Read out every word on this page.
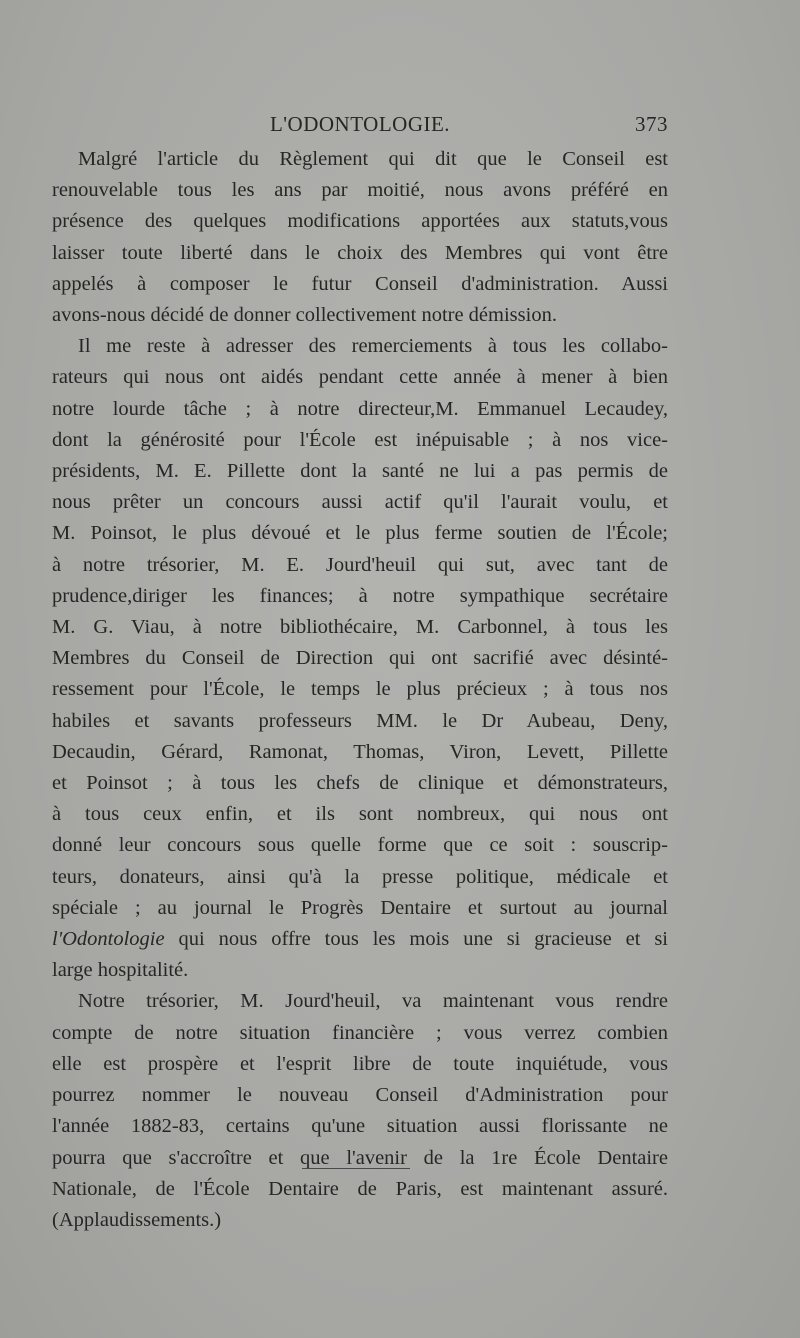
L'ODONTOLOGIE.	373

Malgré l'article du Règlement qui dit que le Conseil est
renouvelable tous les ans par moitié, nous avons préféré en
présence des quelques modifications apportées aux statuts,vous
laisser toute liberté dans le choix des Membres qui vont être
appelés à composer le futur Conseil d'administration. Aussi
avons-nous décidé de donner collectivement notre démission.

Il me reste à adresser des remerciements à tous les collabo-
rateurs qui nous ont aidés pendant cette année à mener à bien
notre lourde tâche ; à notre directeur,M. Emmanuel Lecaudey,
dont la générosité pour l'École est inépuisable ; à nos vice-
présidents, M. E. Pillette dont la santé ne lui a pas permis de
nous prêter un concours aussi actif qu'il l'aurait voulu, et
M. Poinsot, le plus dévoué et le plus ferme soutien de l'École;
à notre trésorier, M. E. Jourd'heuil qui sut, avec tant de
prudence,diriger les finances; à notre sympathique secrétaire
M. G. Viau, à notre bibliothécaire, M. Carbonnel, à tous les
Membres du Conseil de Direction qui ont sacrifié avec désinté-
ressement pour l'École, le temps le plus précieux ; à tous nos
habiles et savants professeurs MM. le Dr Aubeau, Deny,
Decaudin, Gérard, Ramonat, Thomas, Viron, Levett, Pillette
et Poinsot ; à tous les chefs de clinique et démonstrateurs,
à tous ceux enfin, et ils sont nombreux, qui nous ont
donné leur concours sous quelle forme que ce soit : souscrip-
teurs, donateurs, ainsi qu'à la presse politique, médicale et
spéciale ; au journal le Progrès Dentaire et surtout au journal
l'Odontologie qui nous offre tous les mois une si gracieuse et si
large hospitalité.

Notre trésorier, M. Jourd'heuil, va maintenant vous rendre
compte de notre situation financière ; vous verrez combien
elle est prospère et l'esprit libre de toute inquiétude, vous
pourrez nommer le nouveau Conseil d'Administration pour
l'année 1882-83, certains qu'une situation aussi florissante ne
pourra que s'accroître et que l'avenir de la 1re École Dentaire
Nationale, de l'École Dentaire de Paris, est maintenant assuré.
(Applaudissements.)
